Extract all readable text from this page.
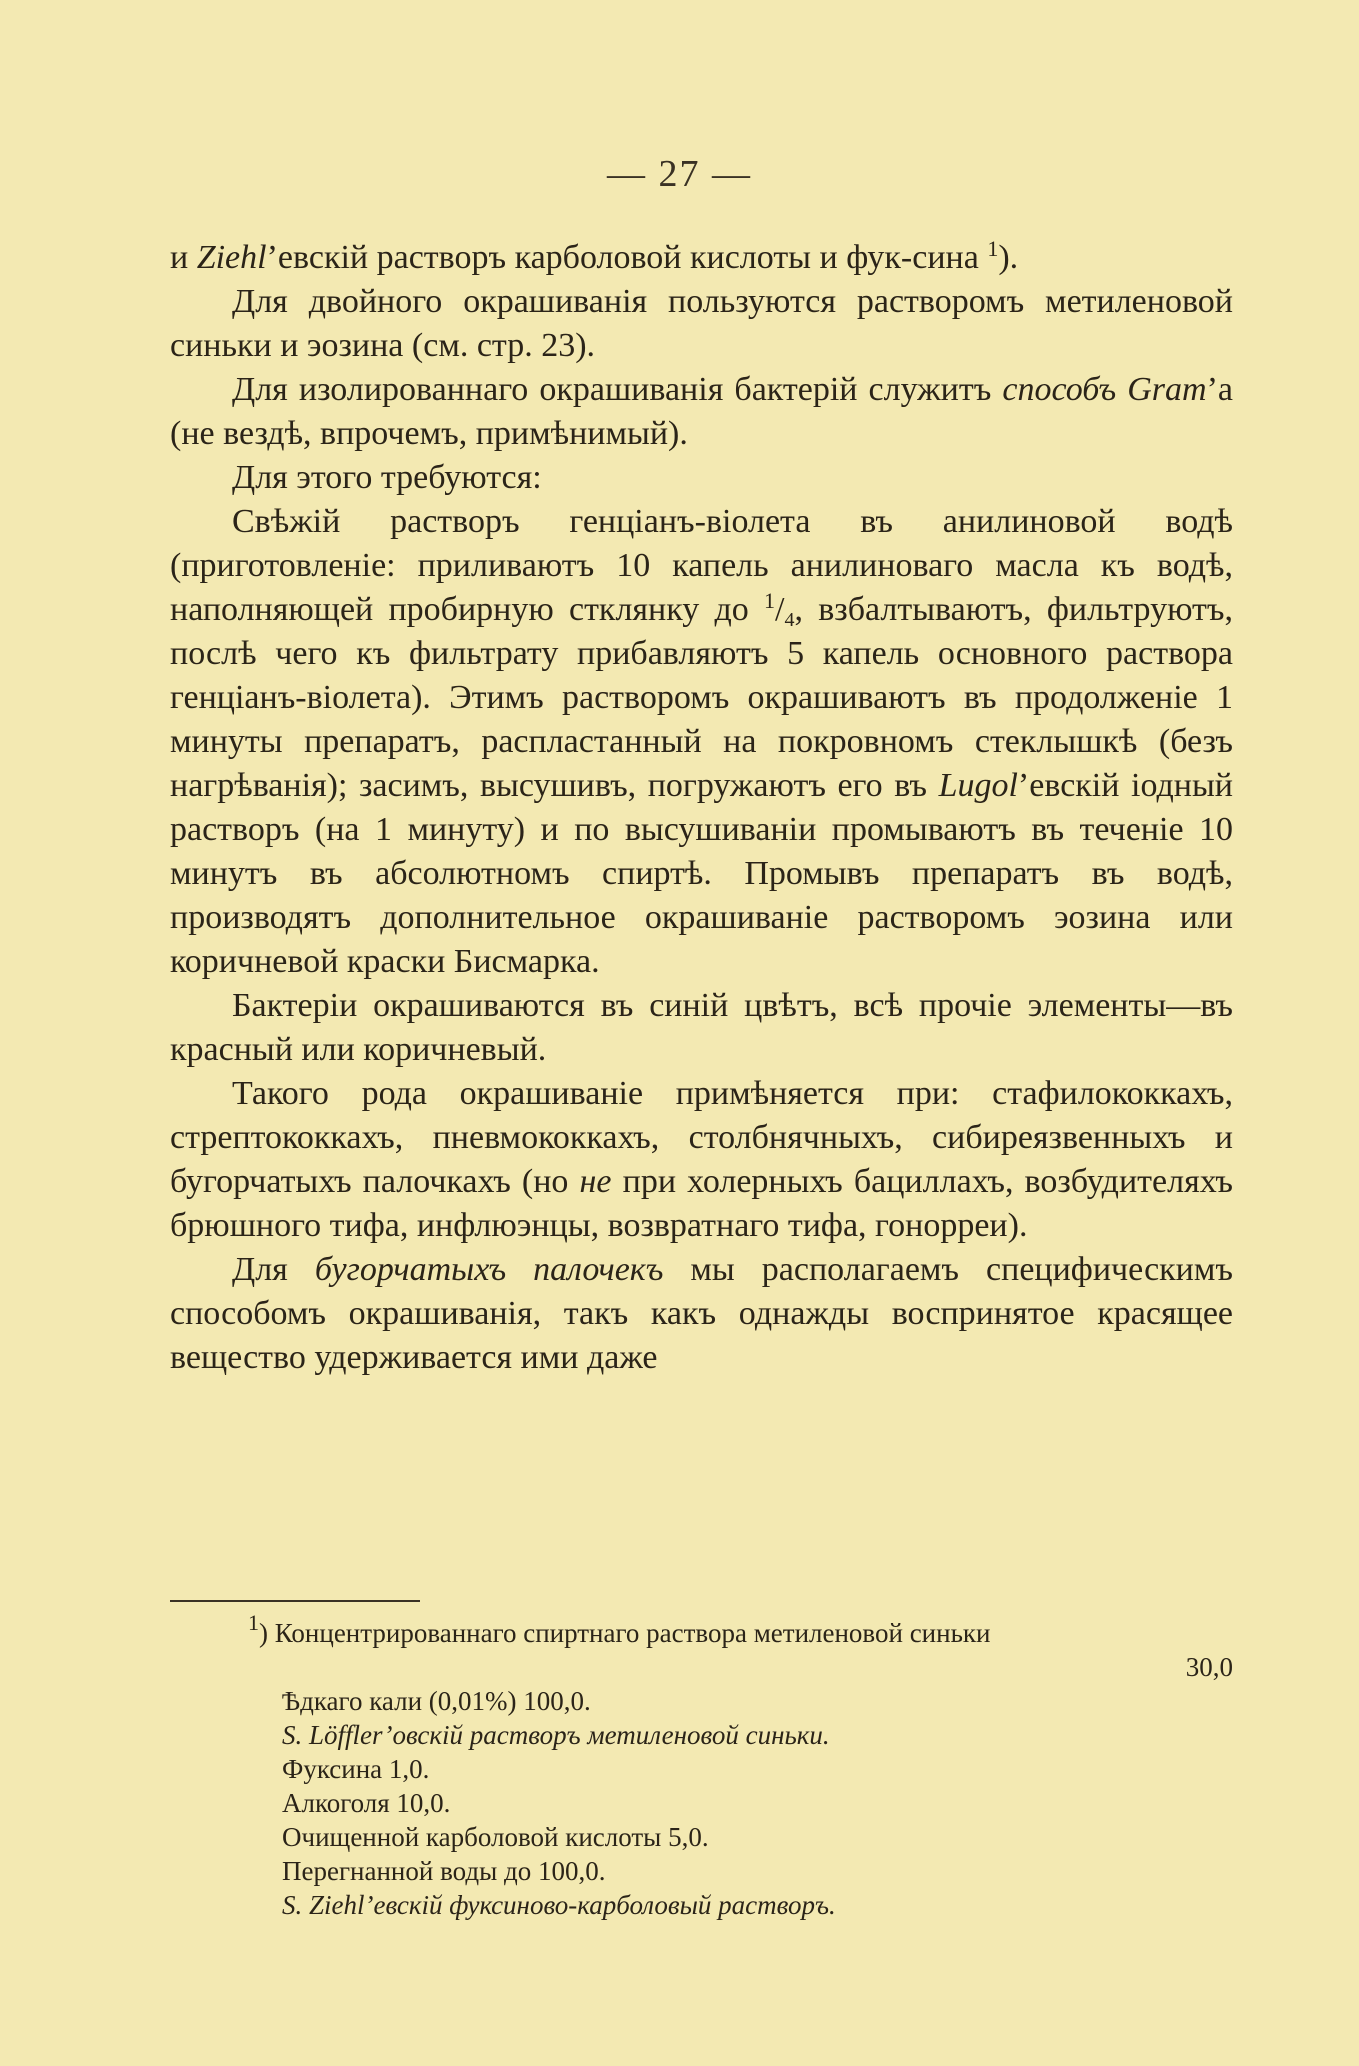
— 27 —

и Ziehl’евскій растворъ карболовой кислоты и фук-сина $^1$).

Для двойного окрашиванія пользуются растворомъ метиленовой синьки и эозина (см. стр. 23).

Для изолированнаго окрашиванія бактерій служитъ способъ Gram’а (не вездѣ, впрочемъ, примѣнимый).

Для этого требуются:

Свѣжій растворъ генціанъ-віолета въ анилиновой водѣ (приготовленіе: приливаютъ 10 капель анилиноваго масла къ водѣ, наполняющей пробирную стклянку до $^1/_4$, взбалтываютъ, фильтруютъ, послѣ чего къ фильтрату прибавляютъ 5 капель основного раствора генціанъ-віолета). Этимъ растворомъ окрашиваютъ въ продолженіе 1 минуты препаратъ, распластанный на покровномъ стеклышкѣ (безъ нагрѣванія); засимъ, высушивъ, погружаютъ его въ Lugol’евскій іодный растворъ (на 1 минуту) и по высушиваніи промываютъ въ теченіе 10 минутъ въ абсолютномъ спиртѣ. Промывъ препаратъ въ водѣ, производятъ дополнительное окрашиваніе растворомъ эозина или коричневой краски Бисмарка.

Бактеріи окрашиваются въ синій цвѣтъ, всѣ прочіе элементы—въ красный или коричневый.

Такого рода окрашиваніе примѣняется при: стафилококкахъ, стрептококкахъ, пневмококкахъ, столбнячныхъ, сибиреязвенныхъ и бугорчатыхъ палочкахъ (но не при холерныхъ бациллахъ, возбудителяхъ брюшного тифа, инфлюэнцы, возвратнаго тифа, гонорреи).

Для бугорчатыхъ палочекъ мы располагаемъ специфическимъ способомъ окрашиванія, такъ какъ однажды воспринятое красящее вещество удерживается ими даже

$^1$) Концентрированнаго спиртнаго раствора метиленовой синьки

30,0

Ѣдкаго кали (0,01%) 100,0.

S. Löffler’овскій растворъ метиленовой синьки.

Фуксина 1,0.

Алкоголя 10,0.

Очищенной карболовой кислоты 5,0.

Перегнанной воды до 100,0.

S. Ziehl’евскій фуксиново-карболовый растворъ.
